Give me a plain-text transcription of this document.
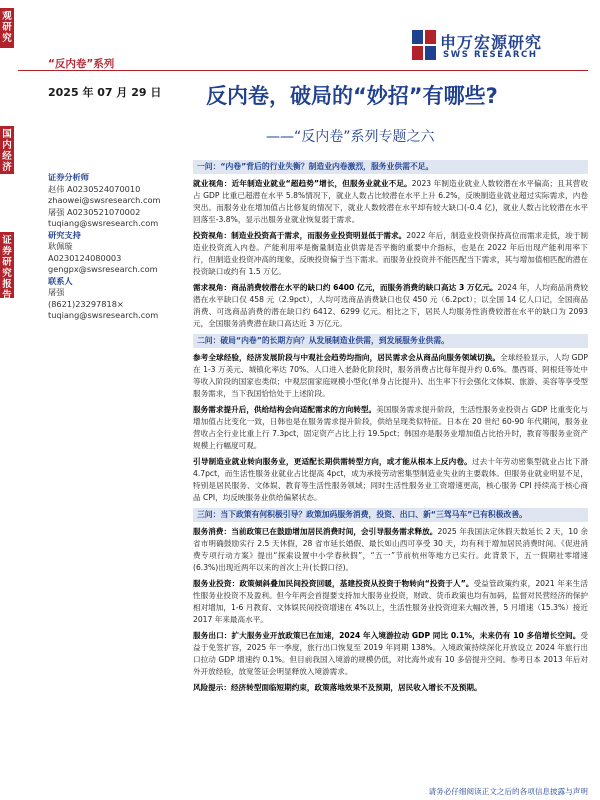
观
研
究
国
内
经
济
证
券
研
究
报
告
“反内卷”系列
申万宏源研究
SWS RESEARCH
2025 年 07 月 29 日 反内卷，破局的“妙招”有哪些?
——“反内卷”系列专题之六
证券分析师
赵伟 A0230524070010
zhaowei@swsresearch.com
屠强 A0230521070002
tuqiang@swsresearch.com
研究支持
耿佩璇 A0230124080003
gengpx@swsresearch.com
联系人
屠强
(8621)23297818×
tuqiang@swsresearch.com
一问：“内卷”背后的行业失衡？制造业内卷激烈，服务业供需不足。
就业视角：近年制造业就业“超趋势”增长，但服务业就业不足。2023 年制造业就业人数较潜在水平偏高；且其营收占 GDP 比重已超潜在水平 5.8%情况下，就业人数占比较潜在水平上升 6.2%，反映制造业就业超过实际需求，内卷突出。而服务业在增加值占比修复的情况下，就业人数较潜在水平却有较大缺口(-0.4 亿)，就业人数占比较潜在水平回落至-3.8%，显示出服务业就业恢复弱于需求。
投资视角：制造业投资高于需求，而服务业投资明显低于需求。2022 年后，制造业投资保持高位而需求走低，竣于制造业投资流入内卷。产能利用率是衡量制造业供需是否平衡的重要中介指标，也是在 2022 年后出现产能利用率下行，但制造业投资冲高的现象，反映投资偏于当下需求。而服务业投资并不能匹配当下需求，其与增加值相匹配的潜在投资缺口或约有 1.5 万亿。
需求视角：商品消费较潜在水平的缺口约 6400 亿元，而服务消费的缺口高达 3 万亿元。2024 年，人均商品消费较潜在水平缺口仅 458 元（2.9pct），人均可选商品消费缺口也仅 450 元（6.2pct）；以全国 14 亿人口记，全国商品消费、可选商品消费的潜在缺口约 6412、6299 亿元。相比之下，居民人均服务性消费较潜在水平的缺口为 2093 元，全国服务消费潜在缺口高达近 3 万亿元。
二问：破局“内卷”的长期方向？从发展制造业供需，到发展服务业供需。
参考全球经验，经济发展阶段与中观社会趋势均指向，居民需求会从商品向服务领域切换。全球经验显示，人均 GDP 在 1-3 万美元、城镇化率达 70%、人口进入老龄化阶段时，服务消费占比每年提升约 0.6%。墨西哥、阿根廷等处中等收入阶段的国家也类似；中观层面家庭规模小型化(单身占比提升)、出生率下行会强化文体娱、旅游、美容等享受型服务需求，当下我国恰恰处于上述阶段。
服务需求提升后，供给结构会向适配需求的方向转型。美国服务需求提升阶段，生活性服务业投资占 GDP 比重变化与增加值占比变化一致，日韩也是在服务需求提升阶段，供给呈现类似特征。日本在 20 世纪 60-90 年代期间，服务业营收占全行业比重上行 7.3pct，固定资产占比上行 19.5pct；韩国亦是服务业增加值占比抬升时，教育等服务业资产规模上行幅度可观。
引导制造业就业转向服务业，更适配长期供需转型方向，或才能从根本上反内卷。过去十年劳动密集型就业占比下滑 4.7pct，而生活性服务业就业占比提高 4pct，成为承接劳动密集型制造业失业的主要载体。但服务业就业明显不足，特别是居民服务、文体娱、教育等生活性服务领域；同时生活性服务业工资增速更高，核心服务 CPI 持续高于核心商品 CPI，均反映服务业供给偏紧状态。
三问：当下政策有何积极引导？政策加码服务消费，投资、出口、新“三驾马车”已有积极改善。
服务消费：当前政策已在鼓励增加居民消费时间，会引导服务需求释放。2025 年我国法定休假天数延长 2 天，10 余省市明确鼓励实行 2.5 天休假，28 省市延长婚假、最长如山西可享受 30 天，均有利于增加居民消费时间。《促进消费专项行动方案》提出“探索设置中小学春秋假”，“五一”节前杭州等地方已实行。此背景下，五一假期社零增速(6.3%)出现近两年以来的首次上升(长假口径)。
服务业投资：政策倾斜叠加民间投资回暖，基建投资从投资于物转向“投资于人”。受益管政策约束，2021 年来生活性服务业投资不及盈利。但今年两会首提要支持加大服务业投资，财政、货币政策也均有加码，监督对民营经济的保护相对增加，1-6 月教育、文体娱民间投资增速在 4%以上，生活性服务业投资迎来大幅改善，5 月增速（15.3%）接近 2017 年来最高水平。
服务出口：扩大服务业开放政策已在加速，2024 年入境游拉动 GDP 同比 0.1%，未来仍有 10 多倍增长空间。受益于免签扩容，2025 年一季度，旅行出口恢复至 2019 年同期 138%。入境政策持续深化开放设立 2024 年旅行出口拉动 GDP 增速约 0.1%。但目前我国入境游的规模仍低，对比海外或有 10 多倍提升空间。参考日本 2013 年后对外开放经验，放宽签证会明显释放入境游需求。
风险提示：经济转型面临短期约束，政策落地效果不及预期，居民收入增长不及预期。
请务必仔细阅读正文之后的各项信息披露与声明
